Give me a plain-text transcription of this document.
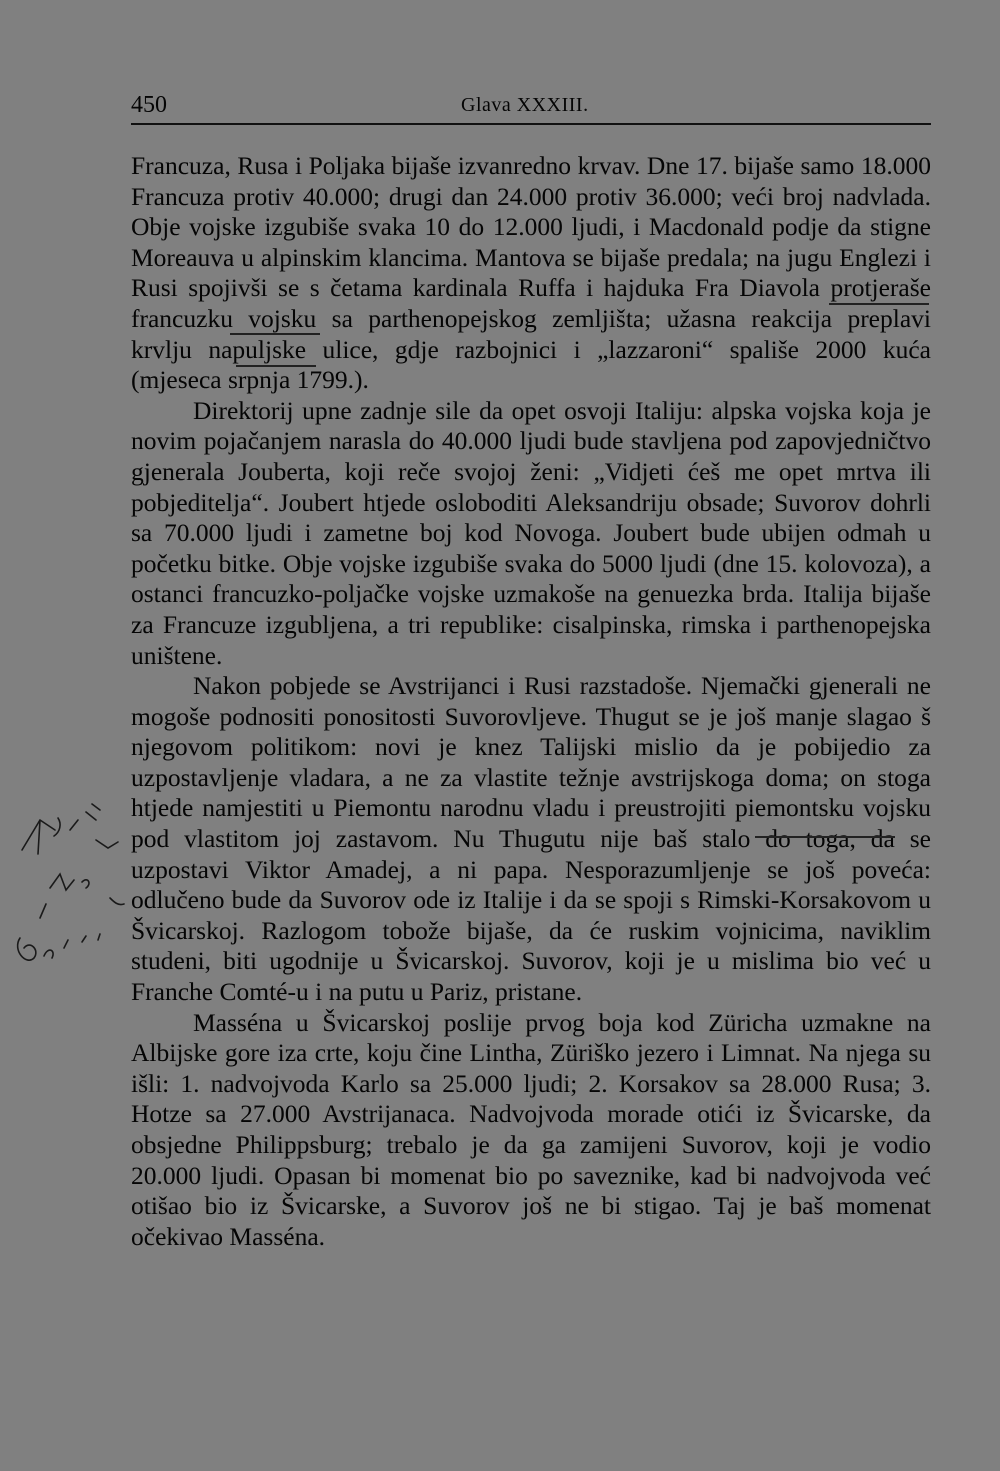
450	Glava XXXIII.

Francuza, Rusa i Poljaka bijaše izvanredno krvav. Dne 17. bijaše samo 18.000 Francuza protiv 40.000; drugi dan 24.000 protiv 36.000; veći broj nadvlada. Obje vojske izgubiše svaka 10 do 12.000 ljudi, i Macdonald podje da stigne Moreauva u alpinskim klancima. Mantova se bijaše predala; na jugu Englezi i Rusi spojivši se s četama kardinala Ruffa i hajduka Fra Diavola protjeraše francuzku vojsku sa parthenopejskog zemljišta; užasna reakcija preplavi krvlju napuljske ulice, gdje razbojnici i „lazzaroni“ spališe 2000 kuća (mjeseca srpnja 1799.).

Direktorij upne zadnje sile da opet osvoji Italiju: alpska vojska koja je novim pojačanjem narasla do 40.000 ljudi bude stavljena pod zapovjedničtvo gjenerala Jouberta, koji reče svojoj ženi: „Vidjeti ćeš me opet mrtva ili pobjeditelja“. Joubert htjede osloboditi Aleksandriju obsade; Suvorov dohrli sa 70.000 ljudi i zametne boj kod Novoga. Joubert bude ubijen odmah u početku bitke. Obje vojske izgubiše svaka do 5000 ljudi (dne 15. kolovoza), a ostanci francuzko-poljačke vojske uzmakoše na genuezka brda. Italija bijaše za Francuze izgubljena, a tri republike: cisalpinska, rimska i parthenopejska uništene.

Nakon pobjede se Avstrijanci i Rusi razstadoše. Njemački gjenerali ne mogoše podnositi ponositosti Suvorovljeve. Thugut se je još manje slagao š njegovom politikom: novi je knez Talijski mislio da je pobijedio za uzpostavljenje vladara, a ne za vlastite težnje avstrijskoga doma; on stoga htjede namjestiti u Piemontu narodnu vladu i preustrojiti piemontsku vojsku pod vlastitom joj zastavom. Nu Thugutu nije baš stalo do toga, da se uzpostavi Viktor Amadej, a ni papa. Nesporazumljenje se još poveća: odlučeno bude da Suvorov ode iz Italije i da se spoji s Rimski-Korsakovom u Švicarskoj. Razlogom tobože bijaše, da će ruskim vojnicima, naviklim studeni, biti ugodnije u Švicarskoj. Suvorov, koji je u mislima bio već u Franche Comté-u i na putu u Pariz, pristane.

Masséna u Švicarskoj poslije prvog boja kod Züricha uzmakne na Albijske gore iza crte, koju čine Lintha, Züriško jezero i Limnat. Na njega su išli: 1. nadvojvoda Karlo sa 25.000 ljudi; 2. Korsakov sa 28.000 Rusa; 3. Hotze sa 27.000 Avstrijanaca. Nadvojvoda morade otići iz Švicarske, da obsjedne Philippsburg; trebalo je da ga zamijeni Suvorov, koji je vodio 20.000 ljudi. Opasan bi momenat bio po saveznike, kad bi nadvojvoda već otišao bio iz Švicarske, a Suvorov još ne bi stigao. Taj je baš momenat očekivao Masséna.
